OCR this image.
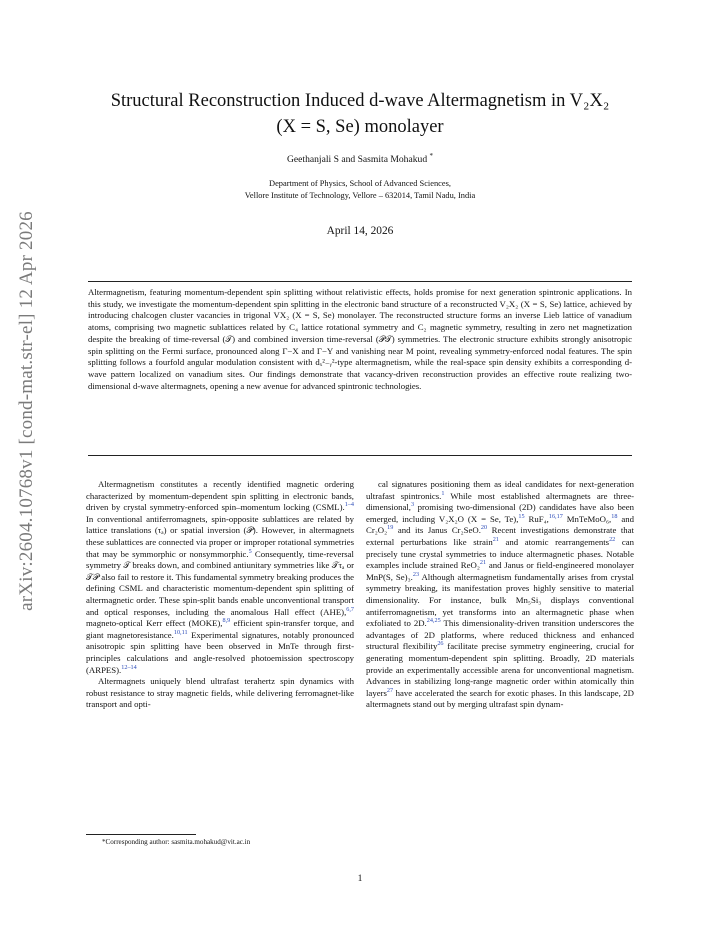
arXiv:2604.10768v1 [cond-mat.str-el] 12 Apr 2026
Structural Reconstruction Induced d-wave Altermagnetism in V₂X₂
(X = S, Se) monolayer
Geethanjali S and Sasmita Mohakud *
Department of Physics, School of Advanced Sciences,
Vellore Institute of Technology, Vellore – 632014, Tamil Nadu, India
April 14, 2026
Altermagnetism, featuring momentum-dependent spin splitting without relativistic effects, holds promise for next generation spintronic applications. In this study, we investigate the momentum-dependent spin splitting in the electronic band structure of a reconstructed V₂X₂ (X = S, Se) lattice, achieved by introducing chalcogen cluster vacancies in trigonal VX₂ (X = S, Se) monolayer. The reconstructed structure forms an inverse Lieb lattice of vanadium atoms, comprising two magnetic sublattices related by C₄ lattice rotational symmetry and C₂ magnetic symmetry, resulting in zero net magnetization despite the breaking of time-reversal (𝒯) and combined inversion time-reversal (𝒫𝒯) symmetries. The electronic structure exhibits strongly anisotropic spin splitting on the Fermi surface, pronounced along Γ−X and Γ−Y and vanishing near M point, revealing symmetry-enforced nodal features. The spin splitting follows a fourfold angular modulation consistent with dₓ²₋ᵧ²-type altermagnetism, while the real-space spin density exhibits a corresponding d-wave pattern localized on vanadium sites. Our findings demonstrate that vacancy-driven reconstruction provides an effective route realizing two-dimensional d-wave altermagnets, opening a new avenue for advanced spintronic technologies.

Altermagnetism constitutes a recently identified magnetic ordering characterized by momentum-dependent spin splitting in electronic bands, driven by crystal symmetry-enforced spin–momentum locking (CSML).$^{1-4}$ In conventional antiferromagnets, spin-opposite sublattices are related by lattice translations (τₐ) or spatial inversion (𝒫). However, in altermagnets these sublattices are connected via proper or improper rotational symmetries that may be symmorphic or nonsymmorphic.$^5$ Consequently, time-reversal symmetry 𝒯 breaks down, and combined antiunitary symmetries like 𝒯τₐ or 𝒯𝒫 also fail to restore it. This fundamental symmetry breaking produces the defining CSML and characteristic momentum-dependent spin splitting of altermagnetic order. These spin-split bands enable unconventional transport and optical responses, including the anomalous Hall effect (AHE),$^{6,7}$ magneto-optical Kerr effect (MOKE),$^{8,9}$ efficient spin-transfer torque, and giant magnetoresistance.$^{10,11}$ Experimental signatures, notably pronounced anisotropic spin splitting have been observed in MnTe through first-principles calculations and angle-resolved photoemission spectroscopy (ARPES).$^{12-14}$

Altermagnets uniquely blend ultrafast terahertz spin dynamics with robust resistance to stray magnetic fields, while delivering ferromagnet-like transport and opti-

cal signatures positioning them as ideal candidates for next-generation ultrafast spintronics.$^1$ While most established altermagnets are three-dimensional,$^3$ promising two-dimensional (2D) candidates have also been emerged, including V₂X₂O (X = Se, Te),$^{15}$ RuF₄,$^{16,17}$ MnTeMoO₆,$^{18}$ and Cr₂O₂$^{19}$ and its Janus Cr₂SeO.$^{20}$ Recent investigations demonstrate that external perturbations like strain$^{21}$ and atomic rearrangements$^{22}$ can precisely tune crystal symmetries to induce altermagnetic phases. Notable examples include strained ReO₂$^{21}$ and Janus or field-engineered monolayer MnP(S, Se)₃.$^{23}$ Although altermagnetism fundamentally arises from crystal symmetry breaking, its manifestation proves highly sensitive to material dimensionality. For instance, bulk Mn₅Si₃ displays conventional antiferromagnetism, yet transforms into an altermagnetic phase when exfoliated to 2D.$^{24,25}$ This dimensionality-driven transition underscores the advantages of 2D platforms, where reduced thickness and enhanced structural flexibility$^{26}$ facilitate precise symmetry engineering, crucial for generating momentum-dependent spin splitting. Broadly, 2D materials provide an experimentally accessible arena for unconventional magnetism. Advances in stabilizing long-range magnetic order within atomically thin layers$^{27}$ have accelerated the search for exotic phases. In this landscape, 2D altermagnets stand out by merging ultrafast spin dynam-

*Corresponding author: sasmita.mohakud@vit.ac.in
1
